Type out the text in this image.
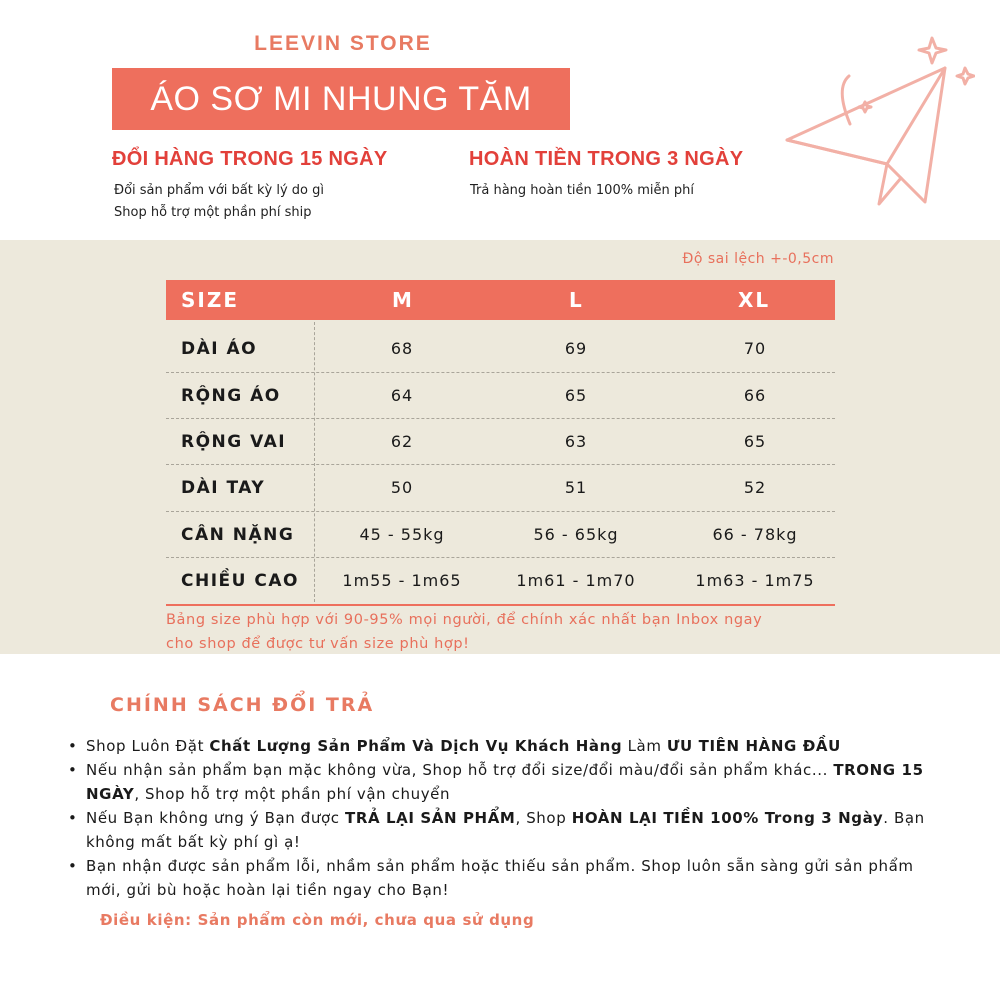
LEEVIN STORE
ÁO SƠ MI NHUNG TĂM
ĐỔI HÀNG TRONG 15 NGÀY
Đổi sản phẩm với bất kỳ lý do gì
Shop hỗ trợ một phần phí ship
HOÀN TIỀN TRONG 3 NGÀY
Trả hàng hoàn tiền 100% miễn phí
Độ sai lệch +-0,5cm
SIZE	M	L	XL
DÀI ÁO	68	69	70
RỘNG ÁO	64	65	66
RỘNG VAI	62	63	65
DÀI TAY	50	51	52
CÂN NẶNG	45 - 55kg	56 - 65kg	66 - 78kg
CHIỀU CAO	1m55 - 1m65	1m61 - 1m70	1m63 - 1m75
Bảng size phù hợp với 90-95% mọi người, để chính xác nhất bạn Inbox ngay
cho shop để được tư vấn size phù hợp!
CHÍNH SÁCH ĐỔI TRẢ
• Shop Luôn Đặt Chất Lượng Sản Phẩm Và Dịch Vụ Khách Hàng Làm ƯU TIÊN HÀNG ĐẦU
• Nếu nhận sản phẩm bạn mặc không vừa, Shop hỗ trợ đổi size/đổi màu/đổi sản phẩm khác... TRONG 15 NGÀY, Shop hỗ trợ một phần phí vận chuyển
• Nếu Bạn không ưng ý Bạn được TRẢ LẠI SẢN PHẨM, Shop HOÀN LẠI TIỀN 100% Trong 3 Ngày. Bạn không mất bất kỳ phí gì ạ!
• Bạn nhận được sản phẩm lỗi, nhầm sản phẩm hoặc thiếu sản phẩm. Shop luôn sẵn sàng gửi sản phẩm mới, gửi bù hoặc hoàn lại tiền ngay cho Bạn!
Điều kiện: Sản phẩm còn mới, chưa qua sử dụng
